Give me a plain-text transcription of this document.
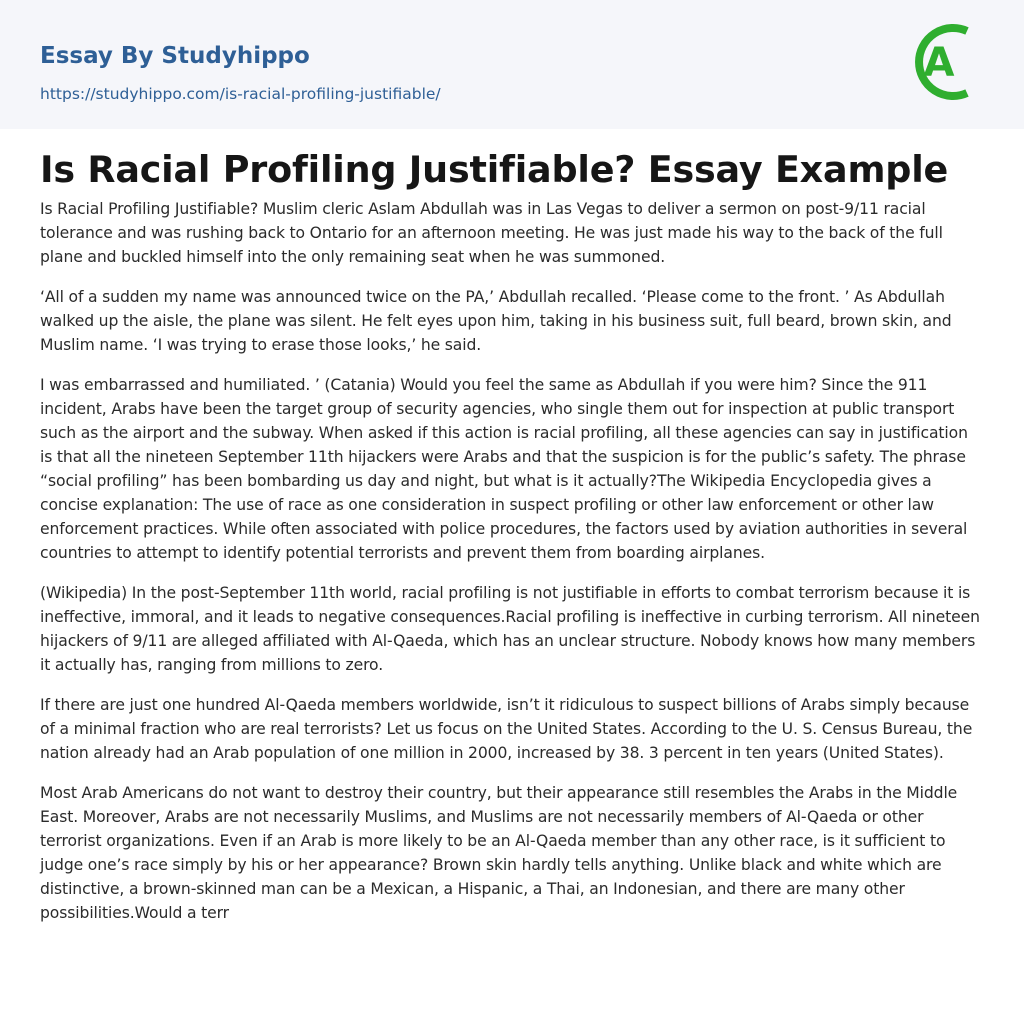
Essay By Studyhippo
https://studyhippo.com/is-racial-profiling-justifiable/
A
Is Racial Profiling Justifiable? Essay Example

Is Racial Profiling Justifiable? Muslim cleric Aslam Abdullah was in Las Vegas to deliver a sermon on post-9/11 racial tolerance and was rushing back to Ontario for an afternoon meeting. He was just made his way to the back of the full plane and buckled himself into the only remaining seat when he was summoned.

‘All of a sudden my name was announced twice on the PA,’ Abdullah recalled. ‘Please come to the front. ’ As Abdullah walked up the aisle, the plane was silent. He felt eyes upon him, taking in his business suit, full beard, brown skin, and Muslim name. ‘I was trying to erase those looks,’ he said.

I was embarrassed and humiliated. ’ (Catania) Would you feel the same as Abdullah if you were him? Since the 911 incident, Arabs have been the target group of security agencies, who single them out for inspection at public transport such as the airport and the subway. When asked if this action is racial profiling, all these agencies can say in justification is that all the nineteen September 11th hijackers were Arabs and that the suspicion is for the public’s safety. The phrase “social profiling” has been bombarding us day and night, but what is it actually?The Wikipedia Encyclopedia gives a concise explanation: The use of race as one consideration in suspect profiling or other law enforcement or other law enforcement practices. While often associated with police procedures, the factors used by aviation authorities in several countries to attempt to identify potential terrorists and prevent them from boarding airplanes.

(Wikipedia) In the post-September 11th world, racial profiling is not justifiable in efforts to combat terrorism because it is ineffective, immoral, and it leads to negative consequences.Racial profiling is ineffective in curbing terrorism. All nineteen hijackers of 9/11 are alleged affiliated with Al-Qaeda, which has an unclear structure. Nobody knows how many members it actually has, ranging from millions to zero.

If there are just one hundred Al-Qaeda members worldwide, isn’t it ridiculous to suspect billions of Arabs simply because of a minimal fraction who are real terrorists? Let us focus on the United States. According to the U. S. Census Bureau, the nation already had an Arab population of one million in 2000, increased by 38. 3 percent in ten years (United States).

Most Arab Americans do not want to destroy their country, but their appearance still resembles the Arabs in the Middle East. Moreover, Arabs are not necessarily Muslims, and Muslims are not necessarily members of Al-Qaeda or other terrorist organizations. Even if an Arab is more likely to be an Al-Qaeda member than any other race, is it sufficient to judge one’s race simply by his or her appearance? Brown skin hardly tells anything. Unlike black and white which are distinctive, a brown-skinned man can be a Mexican, a Hispanic, a Thai, an Indonesian, and there are many other possibilities.Would a terr
